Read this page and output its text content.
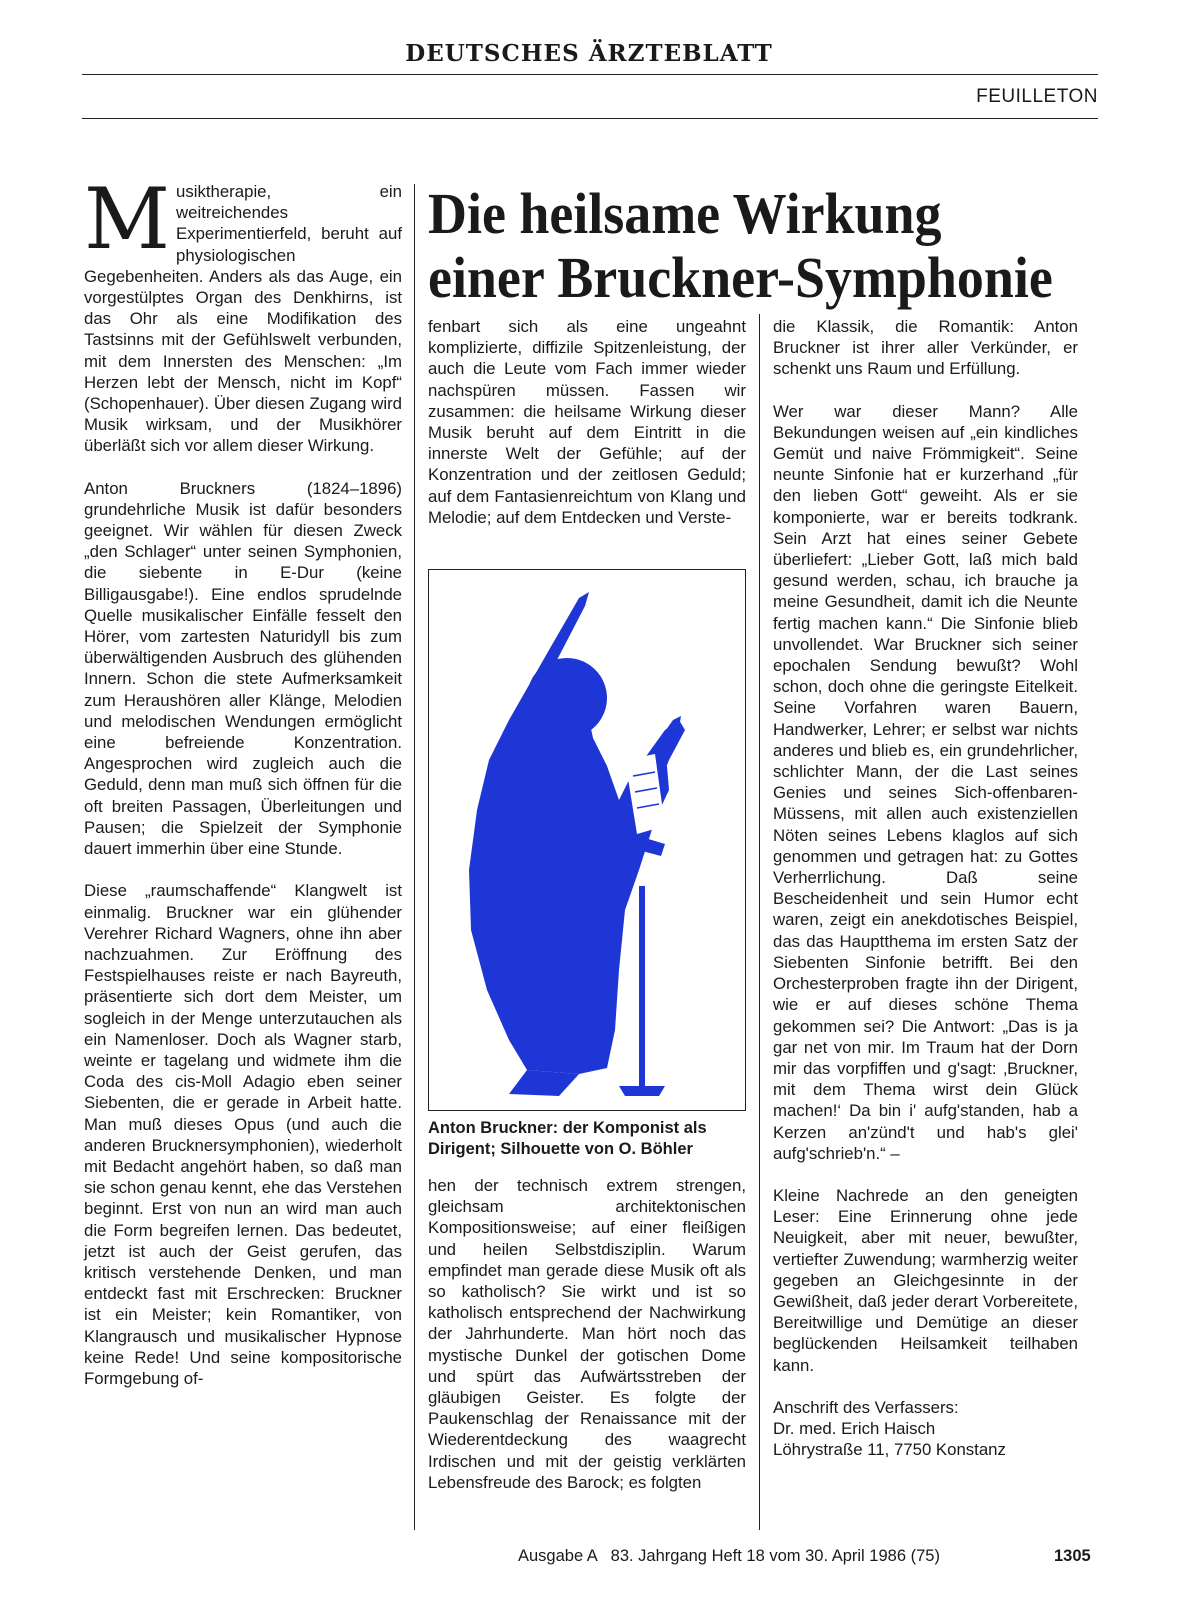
DEUTSCHES ÄRZTEBLATT
FEUILLETON

Musiktherapie, ein weitreichendes Experimentierfeld, beruht auf physiologischen Gegebenheiten. Anders als das Auge, ein vorgestülptes Organ des Denkhirns, ist das Ohr als eine Modifikation des Tastsinns mit der Gefühlswelt verbunden, mit dem Innersten des Menschen: „Im Herzen lebt der Mensch, nicht im Kopf“ (Schopenhauer). Über diesen Zugang wird Musik wirksam, und der Musikhörer überläßt sich vor allem dieser Wirkung.

Anton Bruckners (1824–1896) grundehrliche Musik ist dafür besonders geeignet. Wir wählen für diesen Zweck „den Schlager“ unter seinen Symphonien, die siebente in E-Dur (keine Billigausgabe!). Eine endlos sprudelnde Quelle musikalischer Einfälle fesselt den Hörer, vom zartesten Naturidyll bis zum überwältigenden Ausbruch des glühenden Innern. Schon die stete Aufmerksamkeit zum Heraushören aller Klänge, Melodien und melodischen Wendungen ermöglicht eine befreiende Konzentration. Angesprochen wird zugleich auch die Geduld, denn man muß sich öffnen für die oft breiten Passagen, Überleitungen und Pausen; die Spielzeit der Symphonie dauert immerhin über eine Stunde.

Diese „raumschaffende“ Klangwelt ist einmalig. Bruckner war ein glühender Verehrer Richard Wagners, ohne ihn aber nachzuahmen. Zur Eröffnung des Festspielhauses reiste er nach Bayreuth, präsentierte sich dort dem Meister, um sogleich in der Menge unterzutauchen als ein Namenloser. Doch als Wagner starb, weinte er tagelang und widmete ihm die Coda des cis-Moll Adagio eben seiner Siebenten, die er gerade in Arbeit hatte. Man muß dieses Opus (und auch die anderen Brucknersymphonien), wiederholt mit Bedacht angehört haben, so daß man sie schon genau kennt, ehe das Verstehen beginnt. Erst von nun an wird man auch die Form begreifen lernen. Das bedeutet, jetzt ist auch der Geist gerufen, das kritisch verstehende Denken, und man entdeckt fast mit Erschrecken: Bruckner ist ein Meister; kein Romantiker, von Klangrausch und musikalischer Hypnose keine Rede! Und seine kompositorische Formgebung of-

Die heilsame Wirkung
einer Bruckner-Symphonie

fenbart sich als eine ungeahnt komplizierte, diffizile Spitzenleistung, der auch die Leute vom Fach immer wieder nachspüren müssen. Fassen wir zusammen: die heilsame Wirkung dieser Musik beruht auf dem Eintritt in die innerste Welt der Gefühle; auf der Konzentration und der zeitlosen Geduld; auf dem Fantasienreichtum von Klang und Melodie; auf dem Entdecken und Verste-

Anton Bruckner: der Komponist als Dirigent; Silhouette von O. Böhler

hen der technisch extrem strengen, gleichsam architektonischen Kompositionsweise; auf einer fleißigen und heilen Selbstdisziplin. Warum empfindet man gerade diese Musik oft als so katholisch? Sie wirkt und ist so katholisch entsprechend der Nachwirkung der Jahrhunderte. Man hört noch das mystische Dunkel der gotischen Dome und spürt das Aufwärtsstreben der gläubigen Geister. Es folgte der Paukenschlag der Renaissance mit der Wiederentdeckung des waagrecht Irdischen und mit der geistig verklärten Lebensfreude des Barock; es folgten

die Klassik, die Romantik: Anton Bruckner ist ihrer aller Verkünder, er schenkt uns Raum und Erfüllung.

Wer war dieser Mann? Alle Bekundungen weisen auf „ein kindliches Gemüt und naive Frömmigkeit“. Seine neunte Sinfonie hat er kurzerhand „für den lieben Gott“ geweiht. Als er sie komponierte, war er bereits todkrank. Sein Arzt hat eines seiner Gebete überliefert: „Lieber Gott, laß mich bald gesund werden, schau, ich brauche ja meine Gesundheit, damit ich die Neunte fertig machen kann.“ Die Sinfonie blieb unvollendet. War Bruckner sich seiner epochalen Sendung bewußt? Wohl schon, doch ohne die geringste Eitelkeit. Seine Vorfahren waren Bauern, Handwerker, Lehrer; er selbst war nichts anderes und blieb es, ein grundehrlicher, schlichter Mann, der die Last seines Genies und seines Sich-offenbaren-Müssens, mit allen auch existenziellen Nöten seines Lebens klaglos auf sich genommen und getragen hat: zu Gottes Verherrlichung. Daß seine Bescheidenheit und sein Humor echt waren, zeigt ein anekdotisches Beispiel, das das Hauptthema im ersten Satz der Siebenten Sinfonie betrifft. Bei den Orchesterproben fragte ihn der Dirigent, wie er auf dieses schöne Thema gekommen sei? Die Antwort: „Das is ja gar net von mir. Im Traum hat der Dorn mir das vorpfiffen und g'sagt: ‚Bruckner, mit dem Thema wirst dein Glück machen!‘ Da bin i' aufg'standen, hab a Kerzen an'zünd't und hab's glei' aufg'schrieb'n.“ –

Kleine Nachrede an den geneigten Leser: Eine Erinnerung ohne jede Neuigkeit, aber mit neuer, bewußter, vertiefter Zuwendung; warmherzig weiter gegeben an Gleichgesinnte in der Gewißheit, daß jeder derart Vorbereitete, Bereitwillige und Demütige an dieser beglückenden Heilsamkeit teilhaben kann.

Anschrift des Verfassers:
Dr. med. Erich Haisch
Löhrystraße 11, 7750 Konstanz
Ausgabe A   83. Jahrgang Heft 18 vom 30. April 1986 (75)	1305
